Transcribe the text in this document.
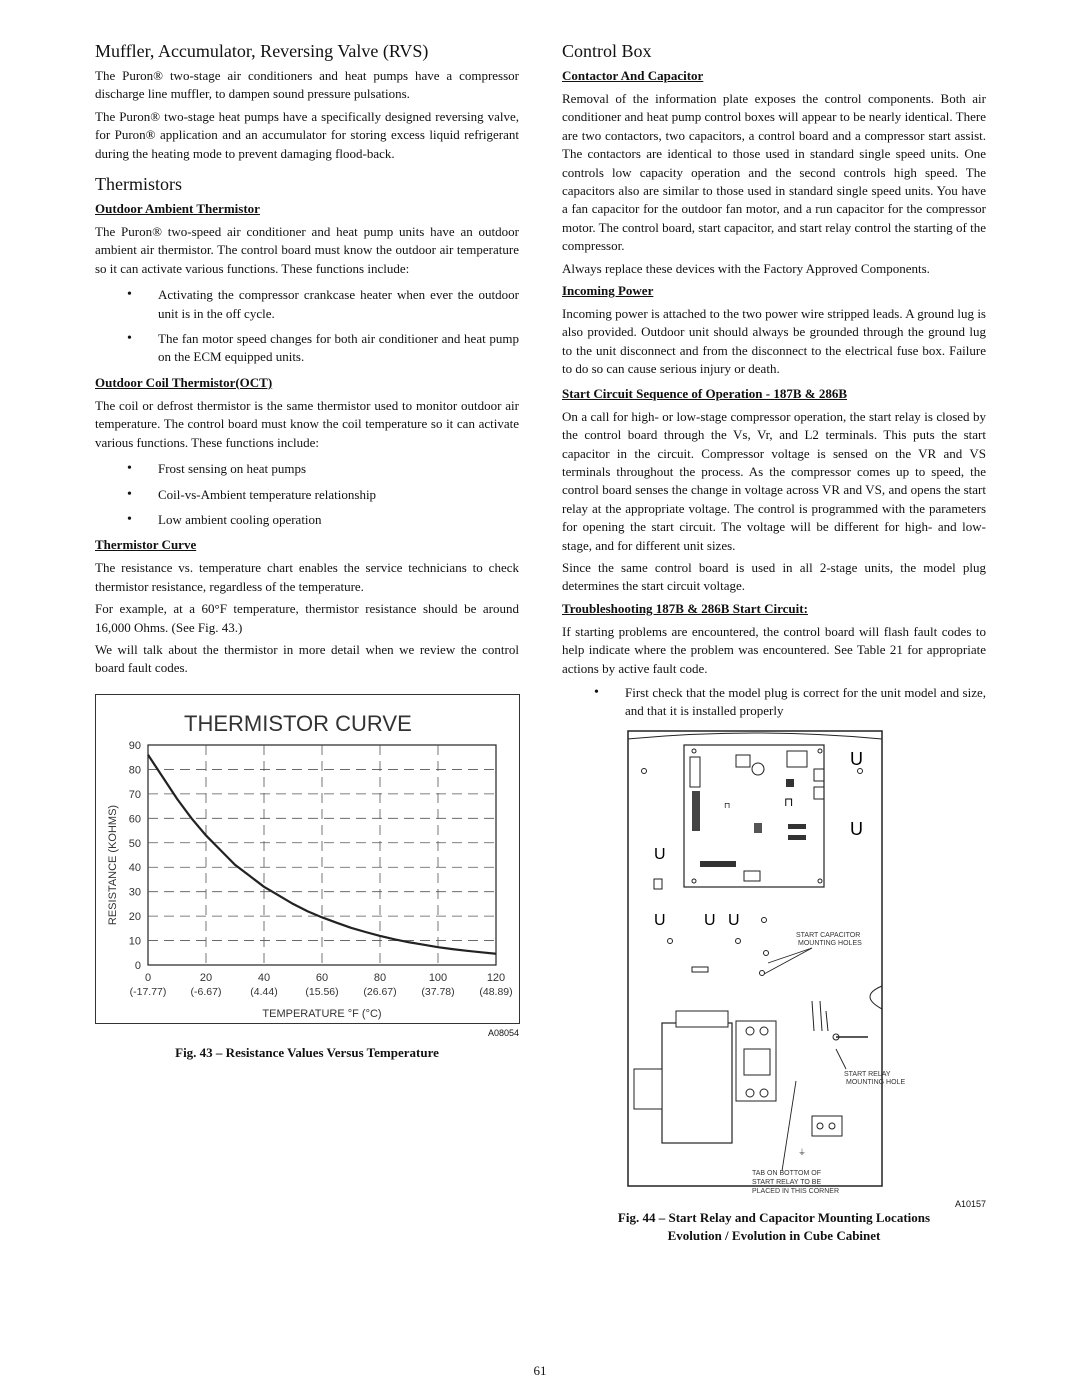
Muffler, Accumulator, Reversing Valve (RVS)

The Puron® two-stage air conditioners and heat pumps have a compressor discharge line muffler, to dampen sound pressure pulsations.

The Puron® two-stage heat pumps have a specifically designed reversing valve, for Puron® application and an accumulator for storing excess liquid refrigerant during the heating mode to prevent damaging flood-back.

Thermistors
Outdoor Ambient Thermistor

The Puron® two-speed air conditioner and heat pump units have an outdoor ambient air thermistor. The control board must know the outdoor air temperature so it can activate various functions. These functions include:

• Activating the compressor crankcase heater when ever the outdoor unit is in the off cycle.
• The fan motor speed changes for both air conditioner and heat pump on the ECM equipped units.
Outdoor Coil Thermistor(OCT)

The coil or defrost thermistor is the same thermistor used to monitor outdoor air temperature. The control board must know the coil temperature so it can activate various functions. These functions include:

• Frost sensing on heat pumps
• Coil-vs-Ambient temperature relationship
• Low ambient cooling operation
Thermistor Curve

The resistance vs. temperature chart enables the service technicians to check thermistor resistance, regardless of the temperature.

For example, at a 60°F temperature, thermistor resistance should be around 16,000 Ohms. (See Fig. 43.)

We will talk about the thermistor in more detail when we review the control board fault codes.

THERMISTOR CURVE
0
10
20
30
40
50
60
70
80
90
0
(-17.77)
20
(-6.67)
40
(4.44)
60
(15.56)
80
(26.67)
100
(37.78)
120
(48.89)
TEMPERATURE °F (°C)
RESISTANCE (KOHMS)
A08054
Fig. 43 – Resistance Values Versus Temperature
Control Box
Contactor And Capacitor

Removal of the information plate exposes the control components. Both air conditioner and heat pump control boxes will appear to be nearly identical. There are two contactors, two capacitors, a control board and a compressor start assist. The contactors are identical to those used in standard single speed units. One controls low capacity operation and the second controls high speed. The capacitors also are similar to those used in standard single speed units. You have a fan capacitor for the outdoor fan motor, and a run capacitor for the compressor motor. The control board, start capacitor, and start relay control the starting of the compressor.

Always replace these devices with the Factory Approved Components.

Incoming Power

Incoming power is attached to the two power wire stripped leads. A ground lug is also provided. Outdoor unit should always be grounded through the ground lug to the unit disconnect and from the disconnect to the electrical fuse box. Failure to do so can cause serious injury or death.

Start Circuit Sequence of Operation - 187B & 286B

On a call for high- or low-stage compressor operation, the start relay is closed by the control board through the Vs, Vr, and L2 terminals. This puts the start capacitor in the circuit. Compressor voltage is sensed on the VR and VS terminals throughout the process. As the compressor comes up to speed, the control board senses the change in voltage across VR and VS, and opens the start relay at the appropriate voltage. The control is programmed with the parameters for opening the start circuit. The voltage will be different for high- and low-stage, and for different unit sizes.

Since the same control board is used in all 2-stage units, the model plug determines the start circuit voltage.

Troubleshooting 187B & 286B Start Circuit:

If starting problems are encountered, the control board will flash fault codes to help indicate where the problem was encountered. See Table 21 for appropriate actions by active fault code.

• First check that the model plug is correct for the unit model and size, and that it is installed properly
⊓	⊓
U
U
U
U	U
U
START CAPACITOR
MOUNTING HOLES
⏚
START RELAY
MOUNTING HOLE
TAB ON BOTTOM OF
START RELAY TO BE
PLACED IN THIS CORNER
A10157
Fig. 44 – Start Relay and Capacitor Mounting Locations
Evolution / Evolution in Cube Cabinet
61
